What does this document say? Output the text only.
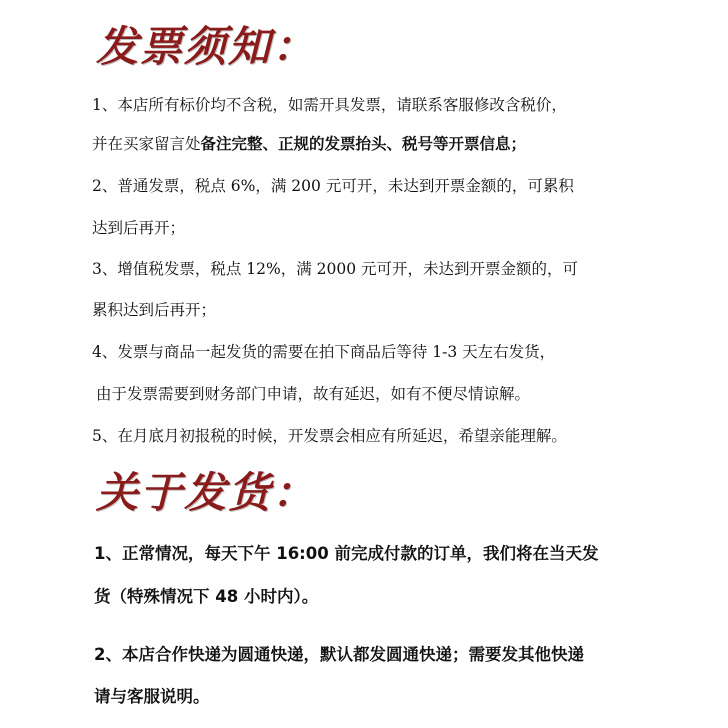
发票须知：

1、本店所有标价均不含税，如需开具发票，请联系客服修改含税价，

并在买家留言处备注完整、正规的发票抬头、税号等开票信息；

2、普通发票，税点 6%，满 200 元可开，未达到开票金额的，可累积

达到后再开；

3、增值税发票，税点 12%，满 2000 元可开，未达到开票金额的，可

累积达到后再开；

4、发票与商品一起发货的需要在拍下商品后等待 1-3 天左右发货，

由于发票需要到财务部门申请，故有延迟，如有不便尽情谅解。

5、在月底月初报税的时候，开发票会相应有所延迟，希望亲能理解。

关于发货：

1、正常情况，每天下午 16:00 前完成付款的订单，我们将在当天发

货（特殊情况下 48 小时内）。

2、本店合作快递为圆通快递，默认都发圆通快递；需要发其他快递

请与客服说明。
